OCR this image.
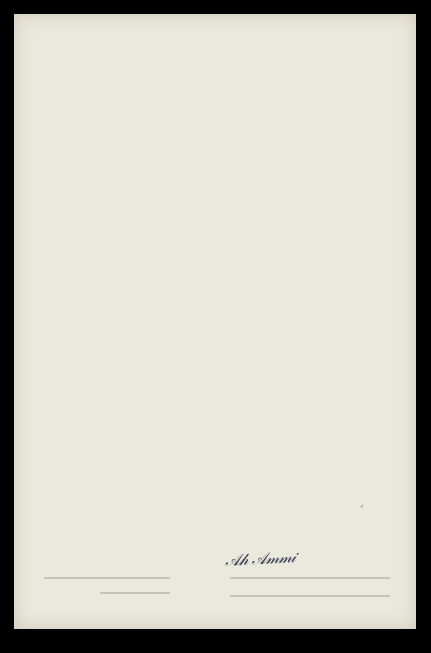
✓
𝒜𝒽 𝒜𝓂𝓂𝒾
